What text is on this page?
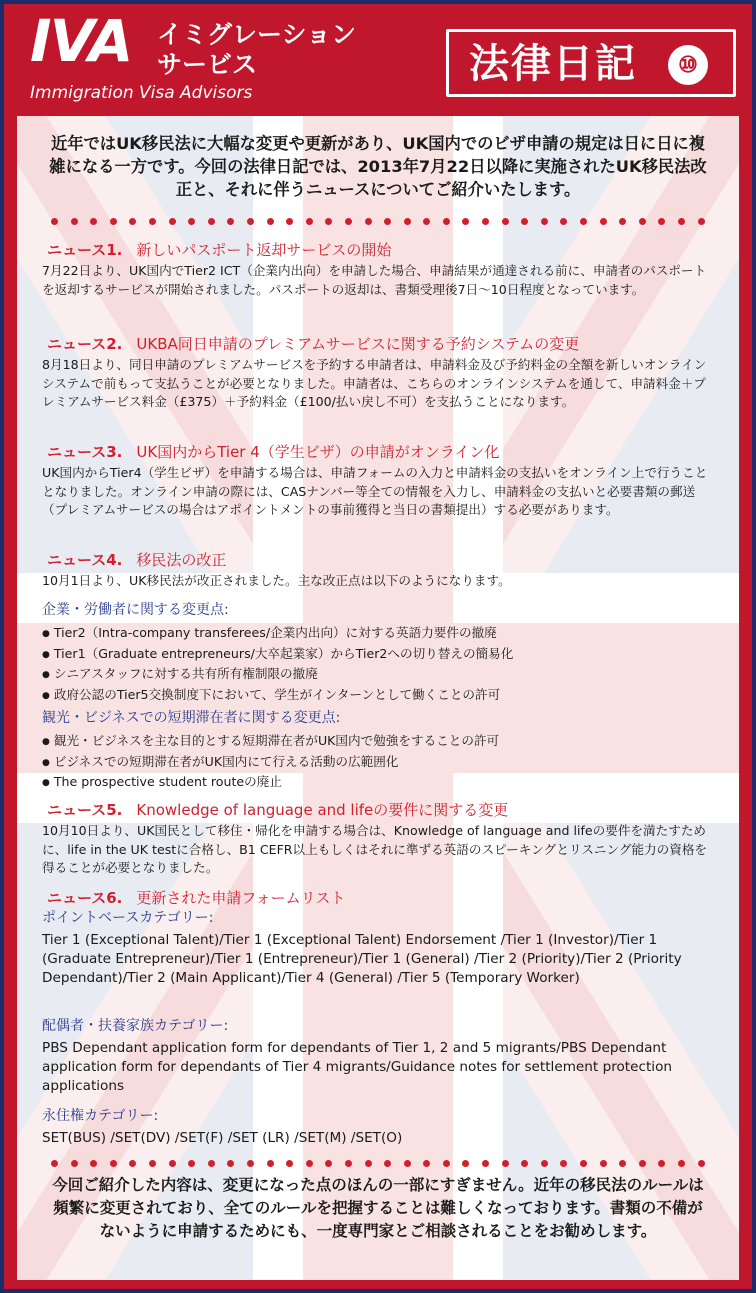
IVA イミグレーション
サービス
Immigration Visa Advisors
法律日記	⑩
近年ではUK移民法に大幅な変更や更新があり、UK国内でのビザ申請の規定は日に日に複雑になる一方です。今回の法律日記では、2013年7月22日以降に実施されたUK移民法改正と、それに伴うニュースについてご紹介いたします。
ニュース1. 新しいパスポート返却サービスの開始
7月22日より、UK国内でTier2 ICT（企業内出向）を申請した場合、申請結果が通達される前に、申請者のパスポートを返却するサービスが開始されました。パスポートの返却は、書類受理後7日〜10日程度となっています。
ニュース2. UKBA同日申請のプレミアムサービスに関する予約システムの変更
8月18日より、同日申請のプレミアムサービスを予約する申請者は、申請料金及び予約料金の全額を新しいオンラインシステムで前もって支払うことが必要となりました。申請者は、こちらのオンラインシステムを通して、申請料金＋プレミアムサービス料金（£375）＋予約料金（£100/払い戻し不可）を支払うことになります。
ニュース3. UK国内からTier 4（学生ビザ）の申請がオンライン化
UK国内からTier4（学生ビザ）を申請する場合は、申請フォームの入力と申請料金の支払いをオンライン上で行うこととなりました。オンライン申請の際には、CASナンバー等全ての情報を入力し、申請料金の支払いと必要書類の郵送（プレミアムサービスの場合はアポイントメントの事前獲得と当日の書類提出）する必要があります。
ニュース4. 移民法の改正
10月1日より、UK移民法が改正されました。主な改正点は以下のようになります。
企業・労働者に関する変更点:
● Tier2（Intra-company transferees/企業内出向）に対する英語力要件の撤廃
● Tier1（Graduate entrepreneurs/大卒起業家）からTier2への切り替えの簡易化
● シニアスタッフに対する共有所有権制限の撤廃
● 政府公認のTier5交換制度下において、学生がインターンとして働くことの許可
観光・ビジネスでの短期滞在者に関する変更点:
● 観光・ビジネスを主な目的とする短期滞在者がUK国内で勉強をすることの許可
● ビジネスでの短期滞在者がUK国内にて行える活動の広範囲化
● The prospective student routeの廃止
ニュース5. Knowledge of language and lifeの要件に関する変更
10月10日より、UK国民として移住・帰化を申請する場合は、Knowledge of language and lifeの要件を満たすために、life in the UK testに合格し、B1 CEFR以上もしくはそれに準ずる英語のスピーキングとリスニング能力の資格を得ることが必要となりました。
ニュース6. 更新された申請フォームリスト
ポイントベースカテゴリー:
Tier 1 (Exceptional Talent)/Tier 1 (Exceptional Talent) Endorsement /Tier 1 (Investor)/Tier 1 (Graduate Entrepreneur)/Tier 1 (Entrepreneur)/Tier 1 (General) /Tier 2 (Priority)/Tier 2 (Priority Dependant)/Tier 2 (Main Applicant)/Tier 4 (General) /Tier 5 (Temporary Worker)
配偶者・扶養家族カテゴリー:
PBS Dependant application form for dependants of Tier 1, 2 and 5 migrants/PBS Dependant application form for dependants of Tier 4 migrants/Guidance notes for settlement protection applications
永住権カテゴリー:
SET(BUS) /SET(DV) /SET(F) /SET (LR) /SET(M) /SET(O)
今回ご紹介した内容は、変更になった点のほんの一部にすぎません。近年の移民法のルールは頻繁に変更されており、全てのルールを把握することは難しくなっております。書類の不備がないように申請するためにも、一度専門家とご相談されることをお勧めします。
